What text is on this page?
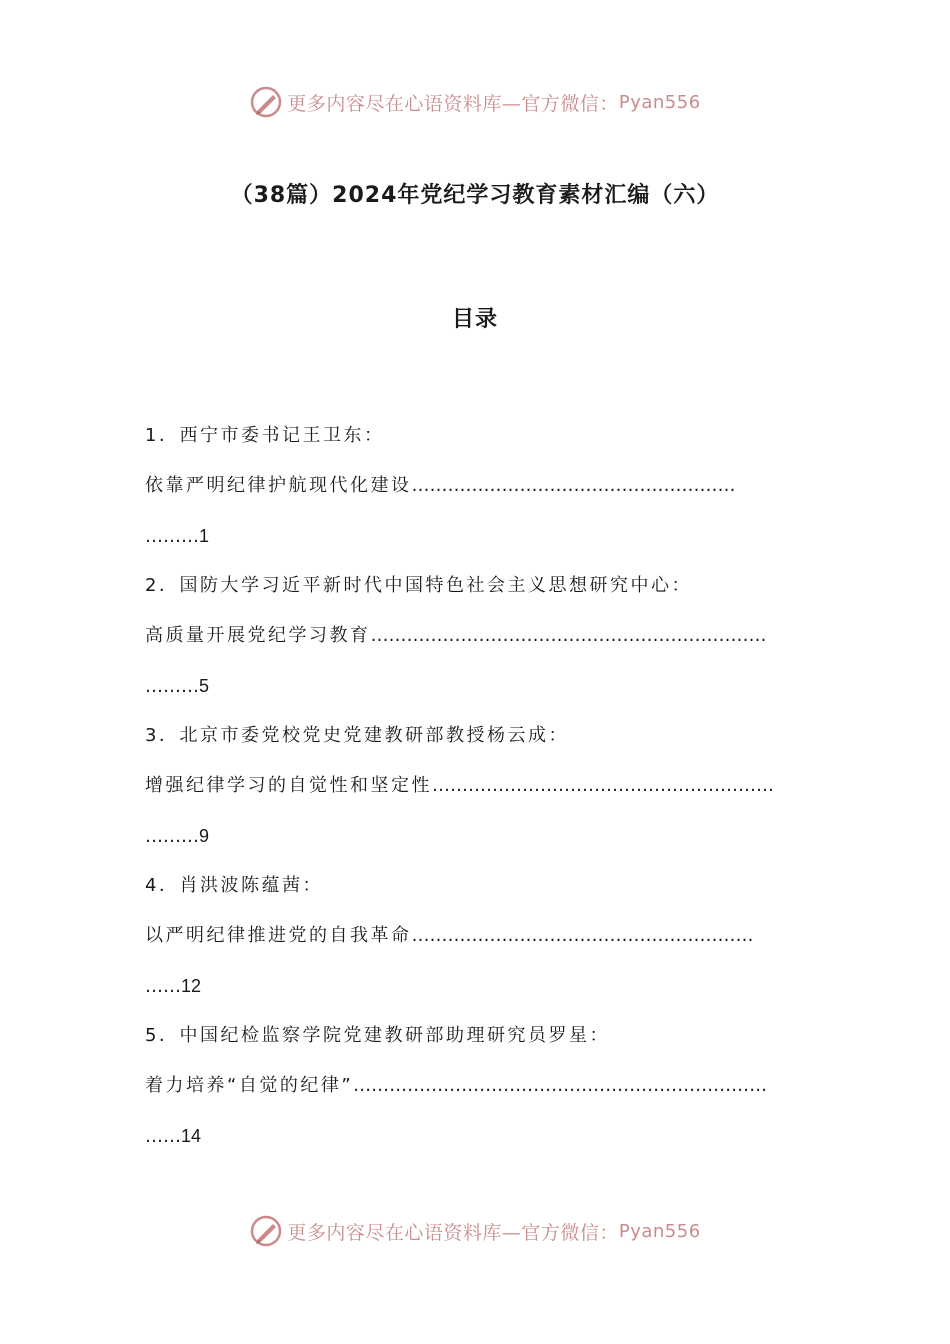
更多内容尽在心语资料库—官方微信： Pyan556
（38篇）2024年党纪学习教育素材汇编（六）
目录
1．西宁市委书记王卫东：
依靠严明纪律护航现代化建设………………………………………………
………1
2．国防大学习近平新时代中国特色社会主义思想研究中心：
高质量开展党纪学习教育…………………………………………………………
………5
3．北京市委党校党史党建教研部教授杨云成：
增强纪律学习的自觉性和坚定性…………………………………………………
………9
4．肖洪波陈蕴茜：
以严明纪律推进党的自我革命…………………………………………………
……12
5．中国纪检监察学院党建教研部助理研究员罗星：
着力培养“自觉的纪律”……………………………………………………………
……14
更多内容尽在心语资料库—官方微信： Pyan556
